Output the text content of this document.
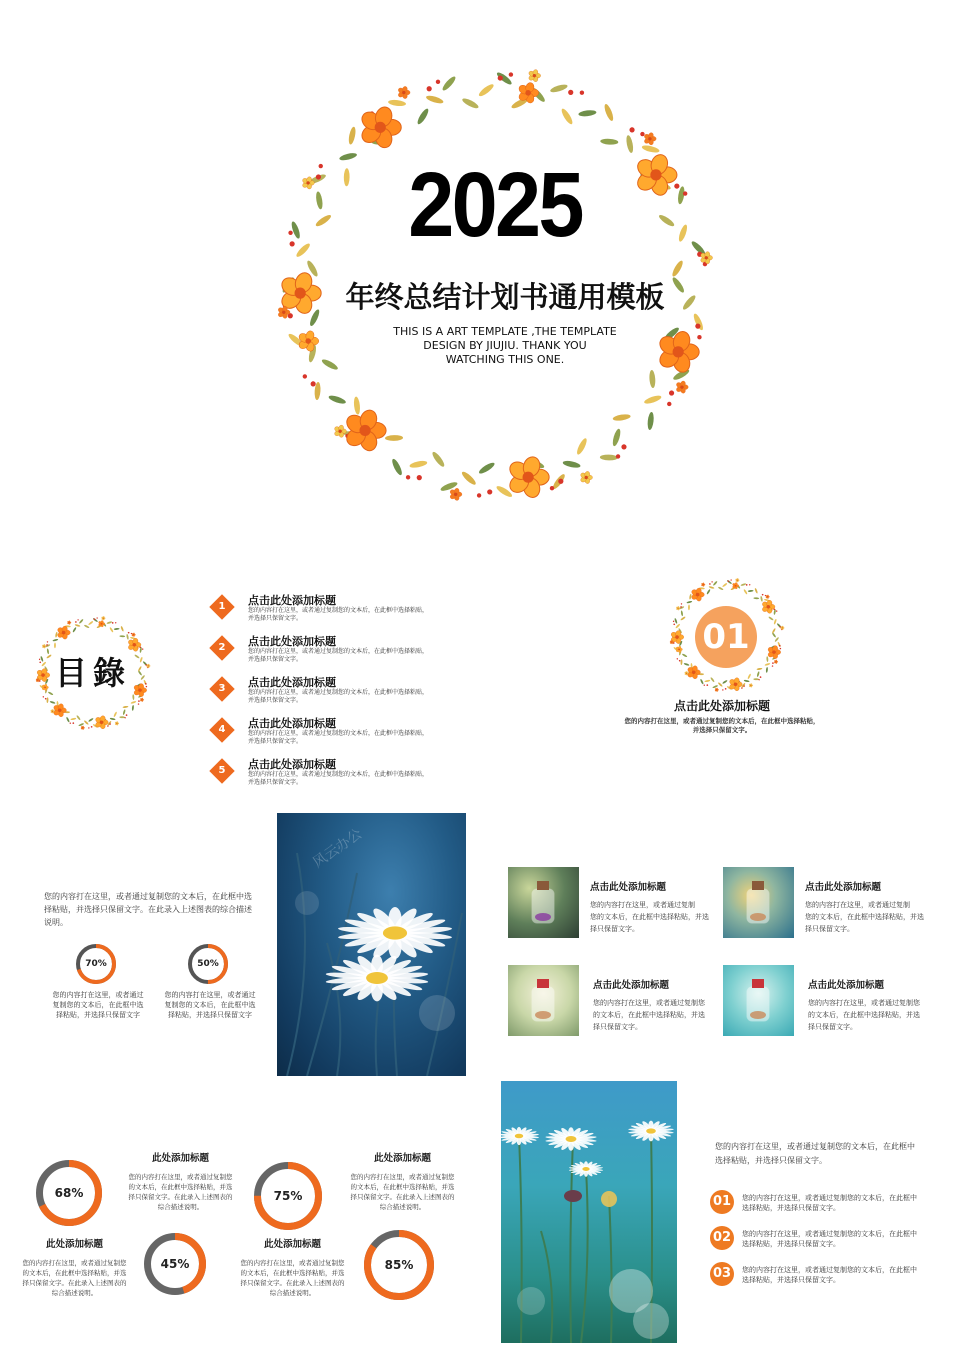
2025
年终总结计划书通用模板
THIS IS A ART TEMPLATE ,THE TEMPLATE
DESIGN BY JIUJIU. THANK YOU
WATCHING THIS ONE.
目錄
1	点击此处添加标题
您的内容打在这里，或者通过复制您的文本后，在此框中选择粘贴，
并选择只保留文字。
2	点击此处添加标题
您的内容打在这里，或者通过复制您的文本后，在此框中选择粘贴，
并选择只保留文字。
3	点击此处添加标题
您的内容打在这里，或者通过复制您的文本后，在此框中选择粘贴，
并选择只保留文字。
4	点击此处添加标题
您的内容打在这里，或者通过复制您的文本后，在此框中选择粘贴，
并选择只保留文字。
5	点击此处添加标题
您的内容打在这里，或者通过复制您的文本后，在此框中选择粘贴，
并选择只保留文字。
01
点击此处添加标题
您的内容打在这里，或者通过复制您的文本后，在此框中选择粘贴，
并选择只保留文字。
您的内容打在这里，或者通过复制您的文本后，在此框中选
择粘贴，并选择只保留文字。在此录入上述图表的综合描述
说明。
70%
您的内容打在这里，或者通过
复制您的文本后，在此框中选
择粘贴，并选择只保留文字
50%
您的内容打在这里，或者通过
复制您的文本后，在此框中选
择粘贴，并选择只保留文字
风云办公
点击此处添加标题
您的内容打在这里，或者通过复制
您的文本后，在此框中选择粘贴，并选
择只保留文字。
点击此处添加标题
您的内容打在这里，或者通过复制
您的文本后，在此框中选择粘贴，并选
择只保留文字。
点击此处添加标题
您的内容打在这里，或者通过复制您
的文本后，在此框中选择粘贴，并选
择只保留文字。
点击此处添加标题
您的内容打在这里，或者通过复制您
的文本后，在此框中选择粘贴，并选
择只保留文字。
68%
45%
75%
85%
此处添加标题
您的内容打在这里，或者通过复制您
的文本后，在此框中选择粘贴，并选
择只保留文字。在此录入上述图表的
综合描述说明。
此处添加标题
您的内容打在这里，或者通过复制您
的文本后，在此框中选择粘贴，并选
择只保留文字。在此录入上述图表的
综合描述说明。
此处添加标题
您的内容打在这里，或者通过复制您
的文本后，在此框中选择粘贴，并选
择只保留文字。在此录入上述图表的
综合描述说明。
此处添加标题
您的内容打在这里，或者通过复制您
的文本后，在此框中选择粘贴，并选
择只保留文字。在此录入上述图表的
综合描述说明。
您的内容打在这里，或者通过复制您的文本后，在此框中
选择粘贴，并选择只保留文字。
01	您的内容打在这里，或者通过复制您的文本后，在此框中
选择粘贴，并选择只保留文字。
02	您的内容打在这里，或者通过复制您的文本后，在此框中
选择粘贴，并选择只保留文字。
03	您的内容打在这里，或者通过复制您的文本后，在此框中
选择粘贴，并选择只保留文字。
